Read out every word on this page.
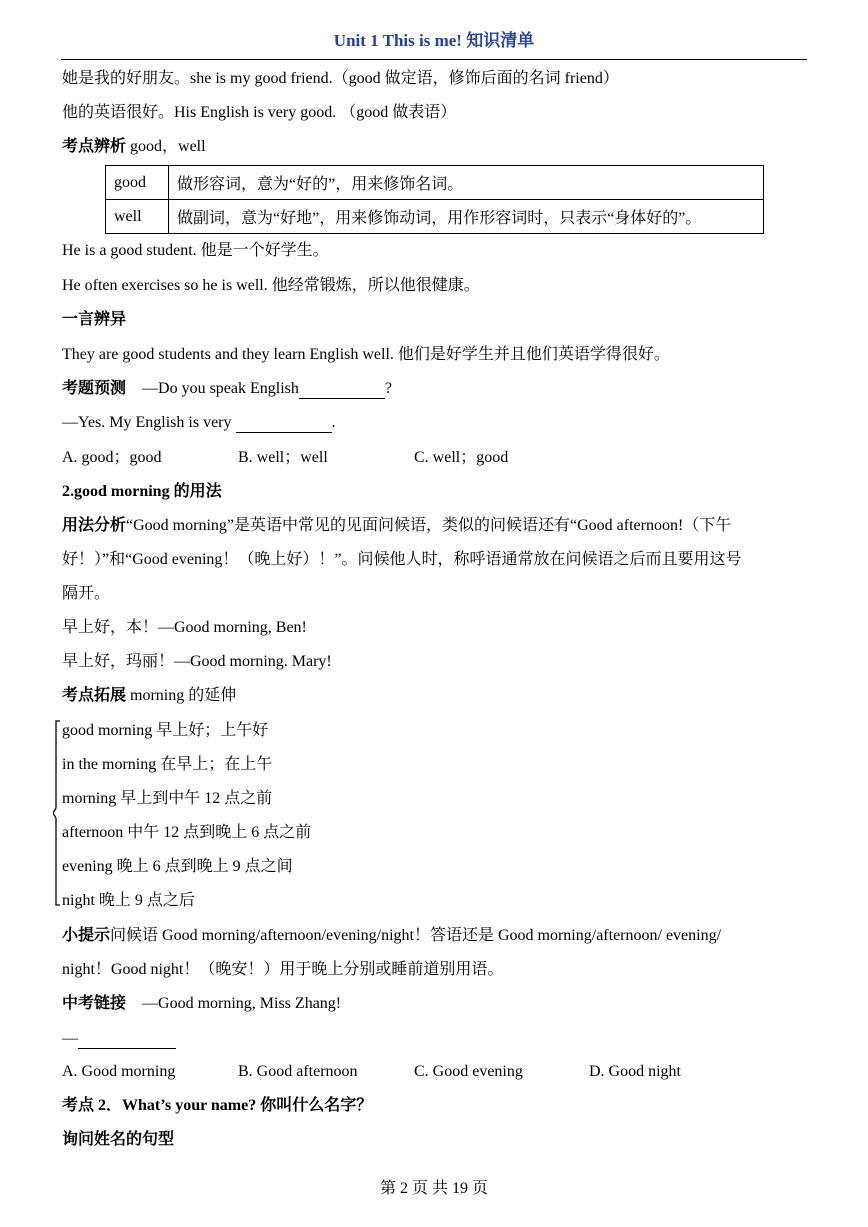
Unit 1 This is me! 知识清单
她是我的好朋友。she is my good friend.（good 做定语，修饰后面的名词 friend）
他的英语很好。His English is very good. （good 做表语）
考点辨析 good，well
good	做形容词，意为“好的”，用来修饰名词。
well	做副词，意为“好地”，用来修饰动词，用作形容词时，只表示“身体好的”。
He is a good student. 他是一个好学生。
He often exercises so he is well. 他经常锻炼，所以他很健康。
一言辨异
They are good students and they learn English well. 他们是好学生并且他们英语学得很好。
考题预测　—Do you speak English	?
—Yes. My English is very	.
A. good；good	B. well；well	C. well；good
2.good morning 的用法
用法分析“Good morning”是英语中常见的见面问候语，类似的问候语还有“Good afternoon!（下午
好！）”和“Good evening！（晚上好）！”。问候他人时，称呼语通常放在问候语之后而且要用这号
隔开。
早上好，本！—Good morning, Ben!
早上好，玛丽！—Good morning. Mary!
考点拓展 morning 的延伸
good morning 早上好；上午好
in the morning 在早上；在上午
morning 早上到中午 12 点之前
afternoon 中午 12 点到晚上 6 点之前
evening 晚上 6 点到晚上 9 点之间
night 晚上 9 点之后
小提示问候语 Good morning/afternoon/evening/night！答语还是 Good morning/afternoon/ evening/
night！Good night！（晚安！）用于晚上分别或睡前道别用语。
中考链接　—Good morning, Miss Zhang!
—
A. Good morning	B. Good afternoon	C. Good evening	D. Good night
考点 2．What’s your name? 你叫什么名字？
询问姓名的句型
第 2 页 共 19 页
